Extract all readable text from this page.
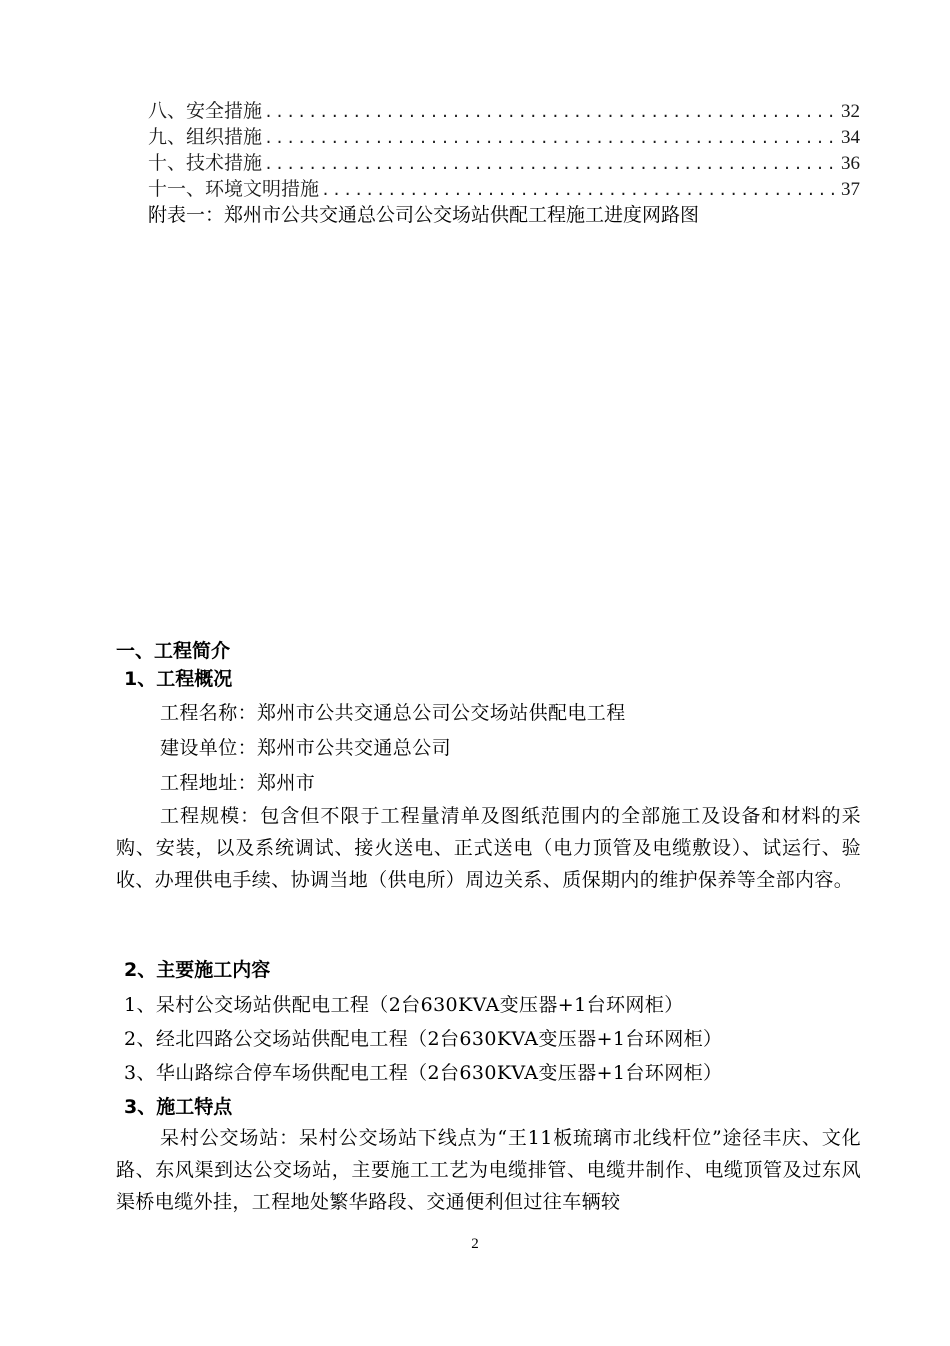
八、安全措施 .....	32
九、组织措施 .....	34
十、技术措施 .....	36
十一、环境文明措施 .....	37
附表一：郑州市公共交通总公司公交场站供配工程施工进度网路图
一、工程简介
1、工程概况
工程名称：郑州市公共交通总公司公交场站供配电工程
建设单位：郑州市公共交通总公司
工程地址：郑州市
工程规模：包含但不限于工程量清单及图纸范围内的全部施工及设备和材料的采购、安装，以及系统调试、接火送电、正式送电（电力顶管及电缆敷设）、试运行、验收、办理供电手续、协调当地（供电所）周边关系、质保期内的维护保养等全部内容。
2、主要施工内容
1、呆村公交场站供配电工程（2台630KVA变压器+1台环网柜）
2、经北四路公交场站供配电工程（2台630KVA变压器+1台环网柜）
3、华山路综合停车场供配电工程（2台630KVA变压器+1台环网柜）
3、施工特点
呆村公交场站：呆村公交场站下线点为“王11板琉璃市北线杆位”途径丰庆、文化路、东风渠到达公交场站，主要施工工艺为电缆排管、电缆井制作、电缆顶管及过东风渠桥电缆外挂，工程地处繁华路段、交通便利但过往车辆较
2
